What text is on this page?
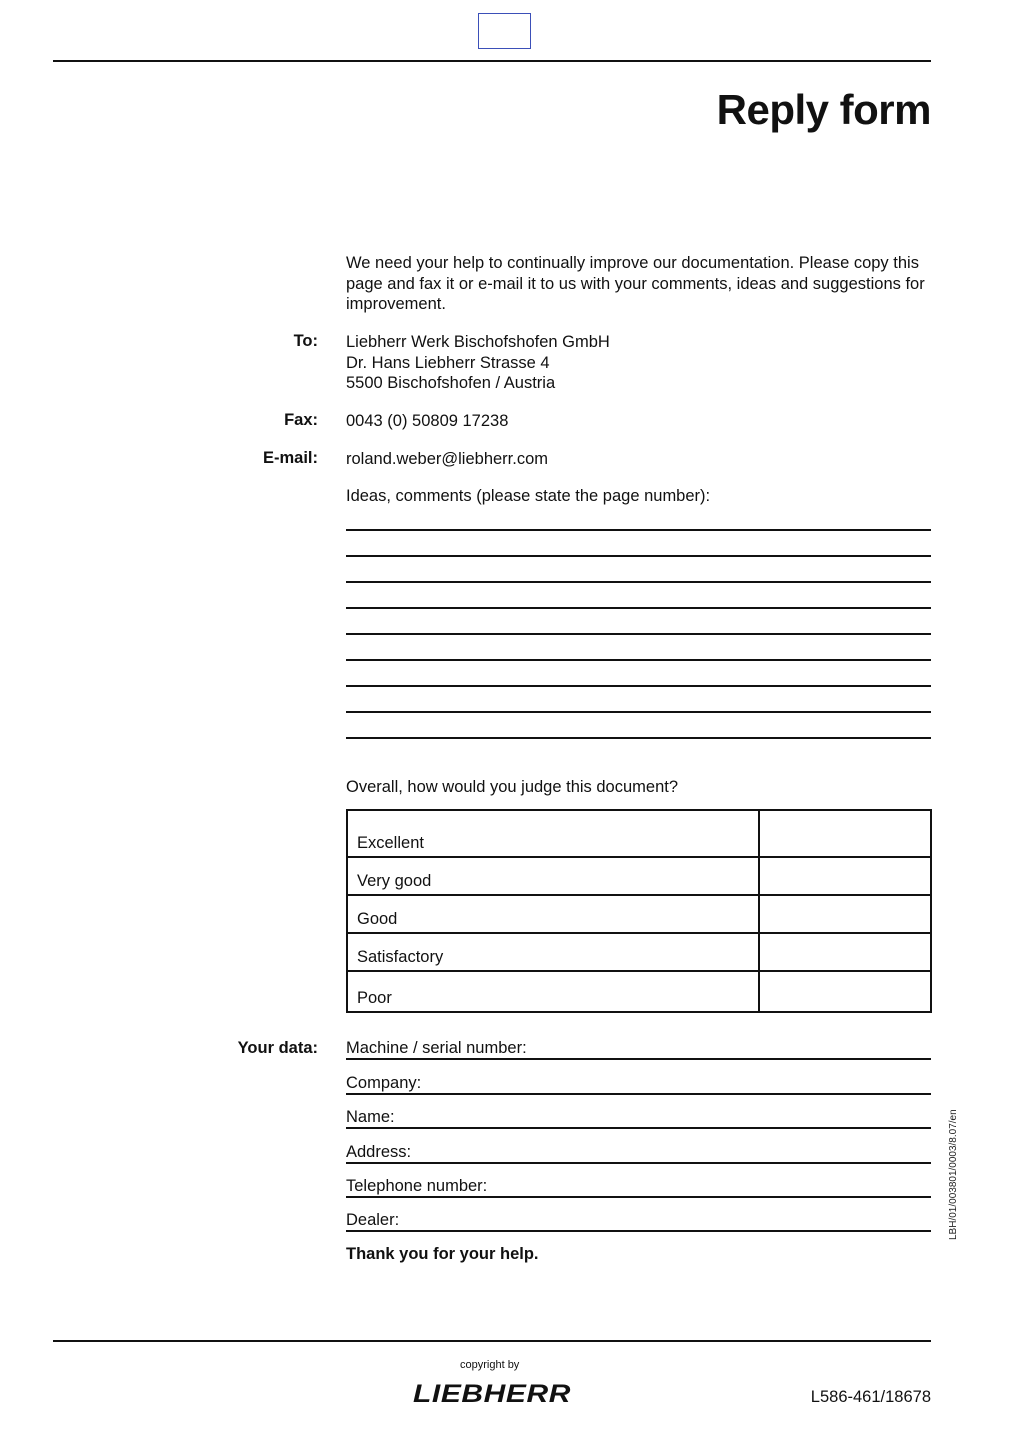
Reply form

We need your help to continually improve our documentation. Please copy this page and fax it or e-mail it to us with your comments, ideas and suggestions for improvement.

To: Liebherr Werk Bischofshofen GmbH
Dr. Hans Liebherr Strasse 4
5500 Bischofshofen / Austria
Fax: 0043 (0) 50809 17238
E-mail: roland.weber@liebherr.com
Ideas, comments (please state the page number):
Overall, how would you judge this document?
Excellent
Very good
Good
Satisfactory
Poor
Your data: Machine / serial number:
Company:
Name:
Address:
Telephone number:
Dealer:
Thank you for your help.
LBH/01/003801/0003/8.07/en
copyright by
LIEBHERR	L586-461/18678
